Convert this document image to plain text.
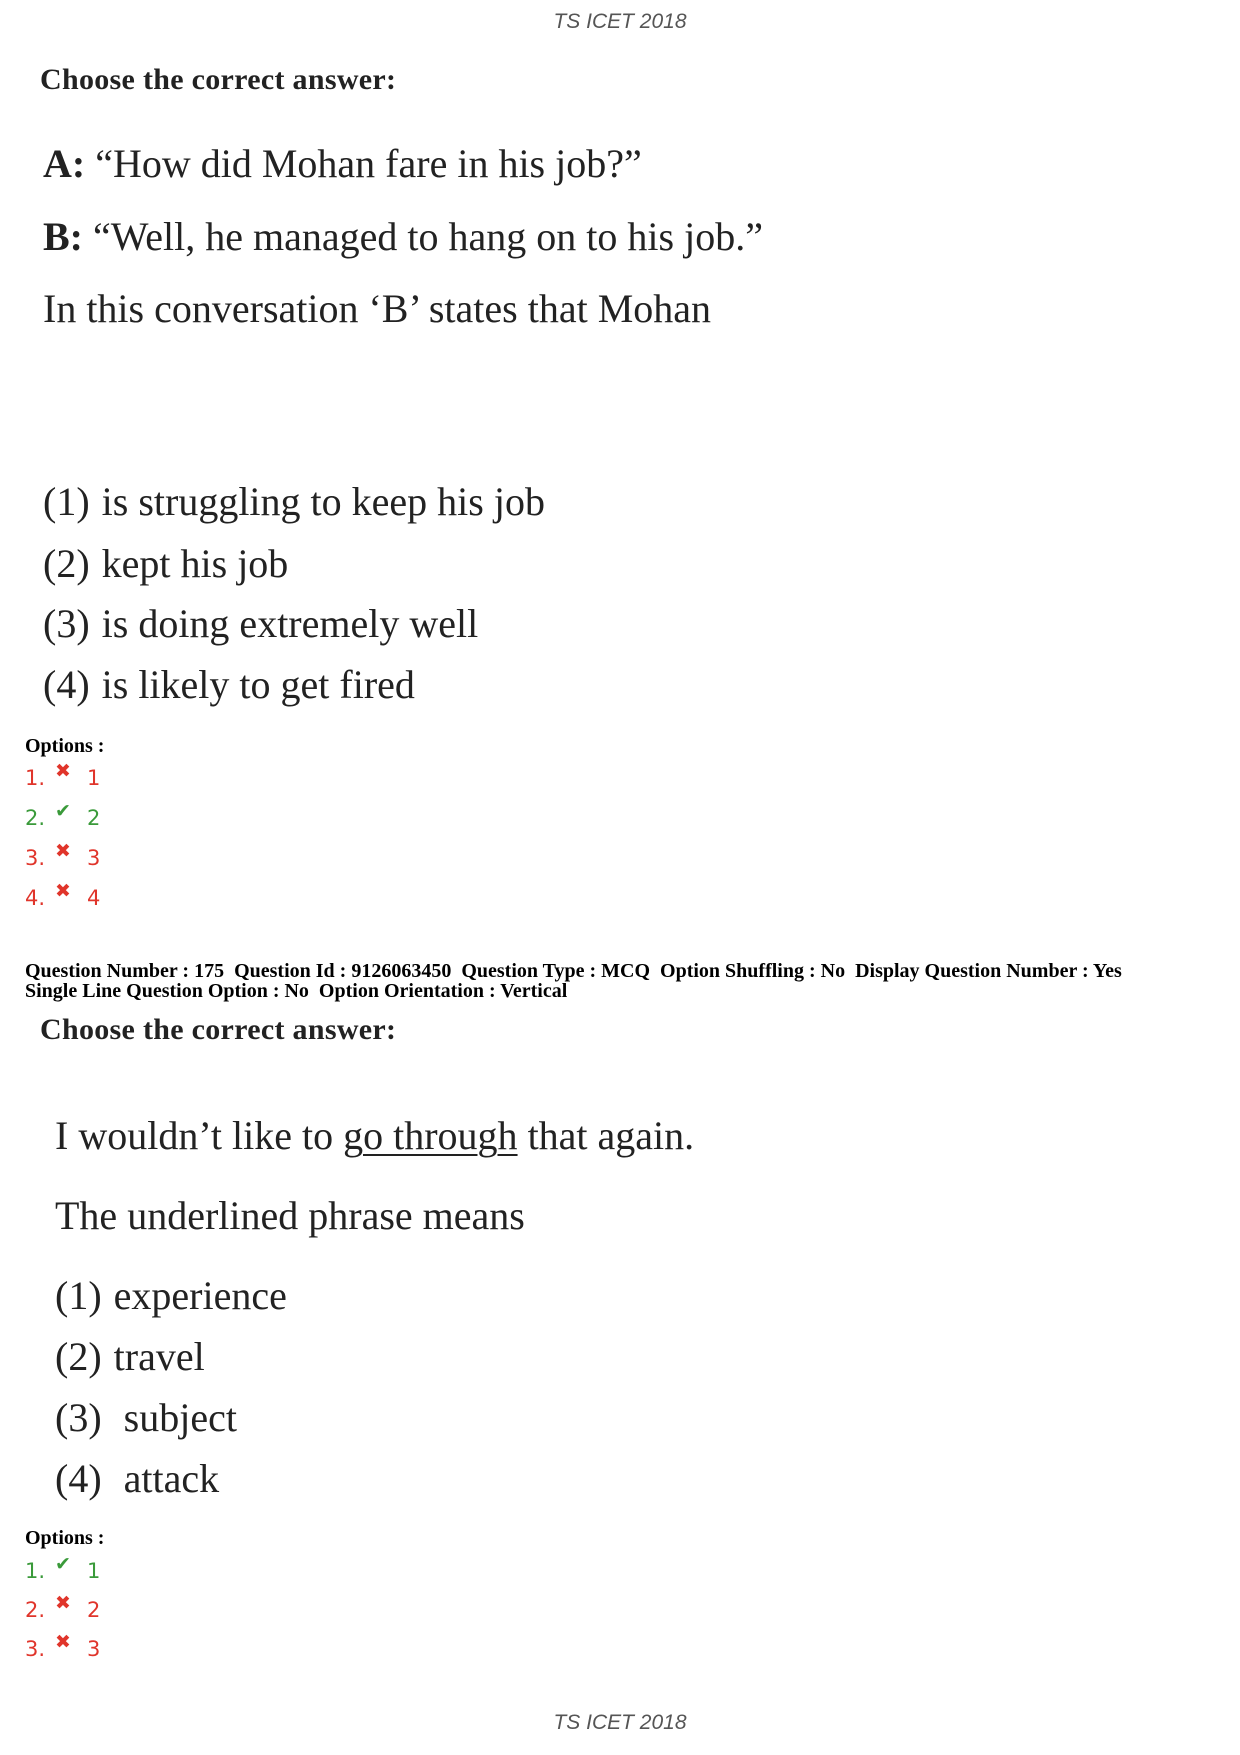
TS ICET 2018
Choose the correct answer:
A: “How did Mohan fare in his job?”
B: “Well, he managed to hang on to his job.”
In this conversation ‘B’ states that Mohan
(1) is struggling to keep his job
(2) kept his job
(3) is doing extremely well
(4) is likely to get fired
Options :
1. ✖ 1
2. ✔ 2
3. ✖ 3
4. ✖ 4
Question Number : 175  Question Id : 9126063450  Question Type : MCQ  Option Shuffling : No  Display Question Number : Yes
Single Line Question Option : No  Option Orientation : Vertical
Choose the correct answer:
I wouldn’t like to go through that again.
The underlined phrase means
(1) experience
(2) travel
(3) subject
(4) attack
Options :
1. ✔ 1
2. ✖ 2
3. ✖ 3
TS ICET 2018
